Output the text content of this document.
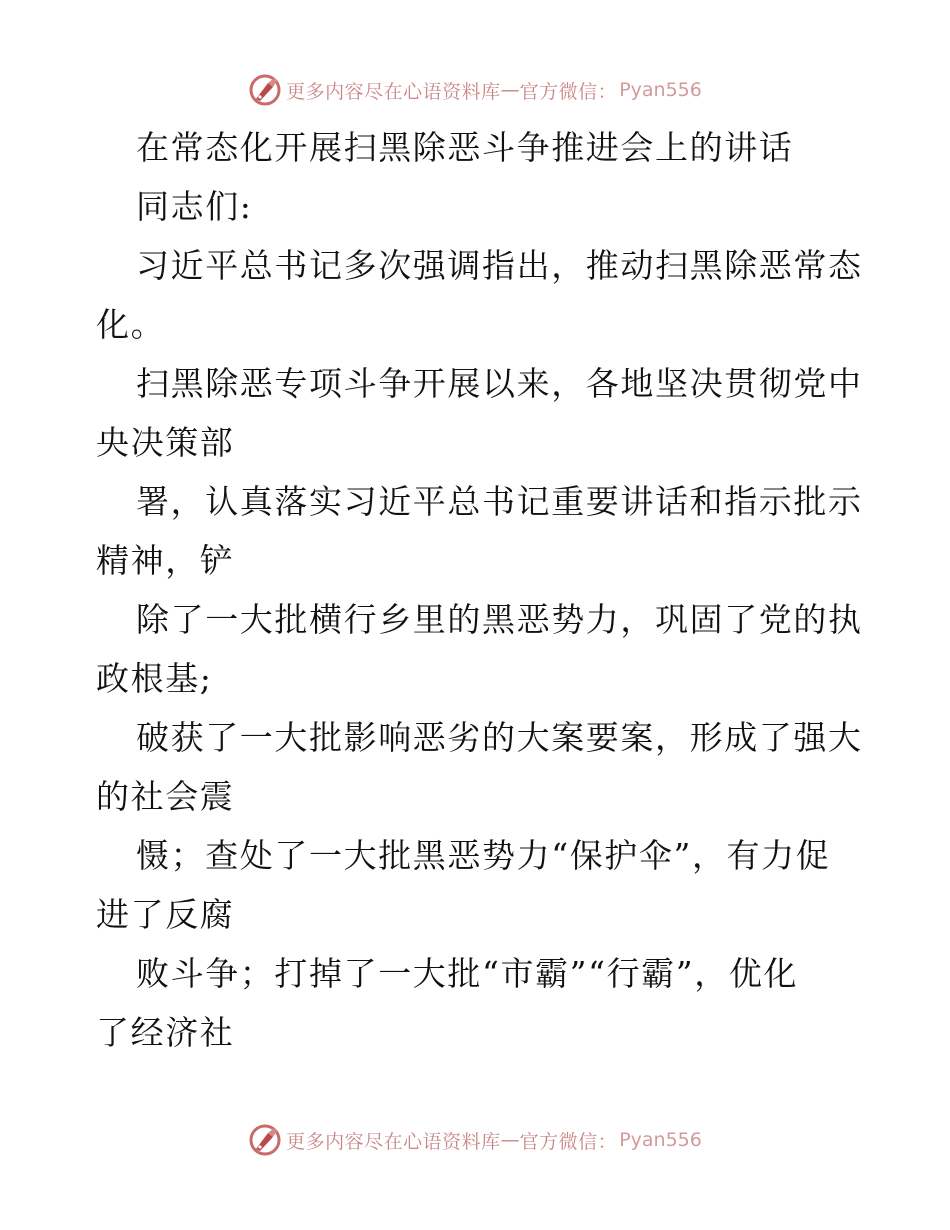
更多内容尽在心语资料库 — 官方微信： Pyan556
在常态化开展扫黑除恶斗争推进会上的讲话
同志们:
习近平总书记多次强调指出，推动扫黑除恶常态
化。
扫黑除恶专项斗争开展以来，各地坚决贯彻党中
央决策部
署，认真落实习近平总书记重要讲话和指示批示
精神，铲
除了一大批横行乡里的黑恶势力，巩固了党的执
政根基;
破获了一大批影响恶劣的大案要案，形成了强大
的社会震
慑；查处了一大批黑恶势力“保护伞”，有力促
进了反腐
败斗争；打掉了一大批“市霸”“行霸”，优化
了经济社
更多内容尽在心语资料库 — 官方微信： Pyan556
